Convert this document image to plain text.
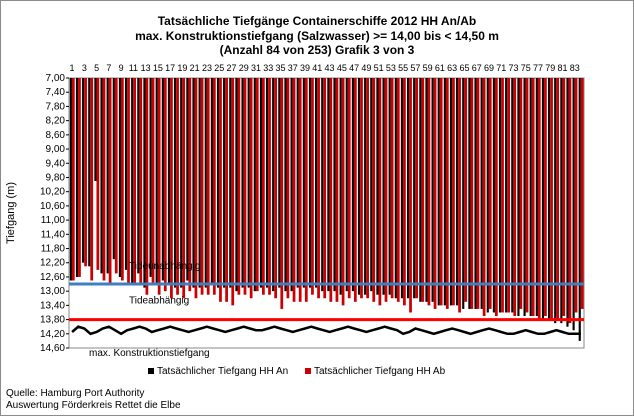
Tatsächliche Tiefgänge Containerschiffe 2012 HH An/Ab
max. Konstruktionstiefgang (Salzwasser) >= 14,00 bis < 14,50 m
(Anzahl 84 von 253) Grafik 3 von 3
7,00
7,40
7,80
8,20
8,60
9,00
9,40
9,80
10,20
10,60
11,00
11,40
11,80
12,20
12,60
13,00
13,40
13,80
14,20
14,60
Tiefgang (m)
1 3 5 7 9 11 13 15 17 19 21 23 25 27 29 31 33 35 37 39 41 43 45 47 49 51 53 55 57 59 61 63 65 67 69 71 73 75 77 79 81 83
Tideunabhängig
Tideabhängig
max. Konstruktionstiefgang
Tatsächlicher Tiefgang HH An	Tatsächlicher Tiefgang HH Ab
Quelle: Hamburg Port Authority
Auswertung Förderkreis Rettet die Elbe
